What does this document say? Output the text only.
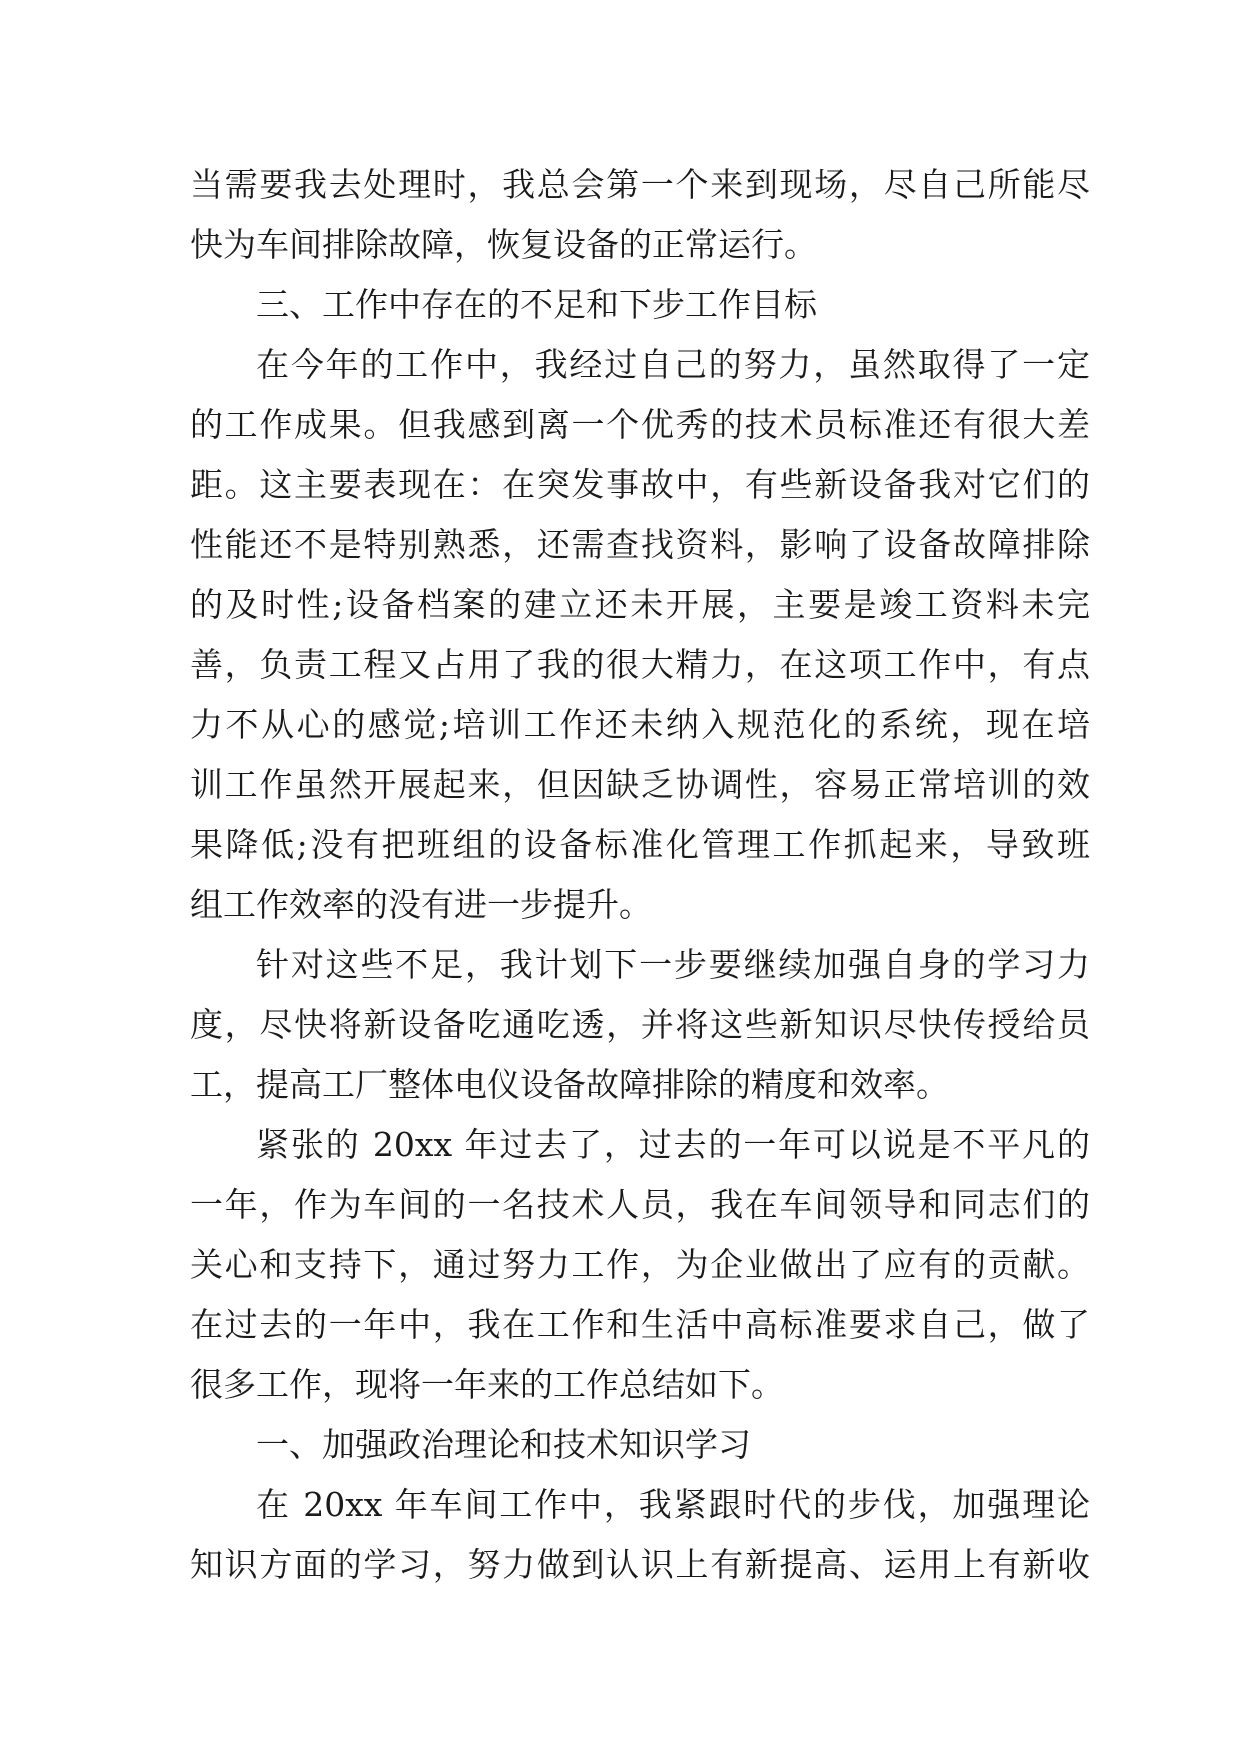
当需要我去处理时，我总会第一个来到现场，尽自己所能尽
快为车间排除故障，恢复设备的正常运行。
三、工作中存在的不足和下步工作目标
在今年的工作中，我经过自己的努力，虽然取得了一定
的工作成果。但我感到离一个优秀的技术员标准还有很大差
距。这主要表现在：在突发事故中，有些新设备我对它们的
性能还不是特别熟悉，还需查找资料，影响了设备故障排除
的及时性;设备档案的建立还未开展，主要是竣工资料未完
善，负责工程又占用了我的很大精力，在这项工作中，有点
力不从心的感觉;培训工作还未纳入规范化的系统，现在培
训工作虽然开展起来，但因缺乏协调性，容易正常培训的效
果降低;没有把班组的设备标准化管理工作抓起来，导致班
组工作效率的没有进一步提升。
针对这些不足，我计划下一步要继续加强自身的学习力
度，尽快将新设备吃通吃透，并将这些新知识尽快传授给员
工，提高工厂整体电仪设备故障排除的精度和效率。
紧张的 20xx 年过去了，过去的一年可以说是不平凡的
一年，作为车间的一名技术人员，我在车间领导和同志们的
关心和支持下，通过努力工作，为企业做出了应有的贡献。
在过去的一年中，我在工作和生活中高标准要求自己，做了
很多工作，现将一年来的工作总结如下。
一、加强政治理论和技术知识学习
在 20xx 年车间工作中，我紧跟时代的步伐，加强理论
知识方面的学习，努力做到认识上有新提高、运用上有新收
